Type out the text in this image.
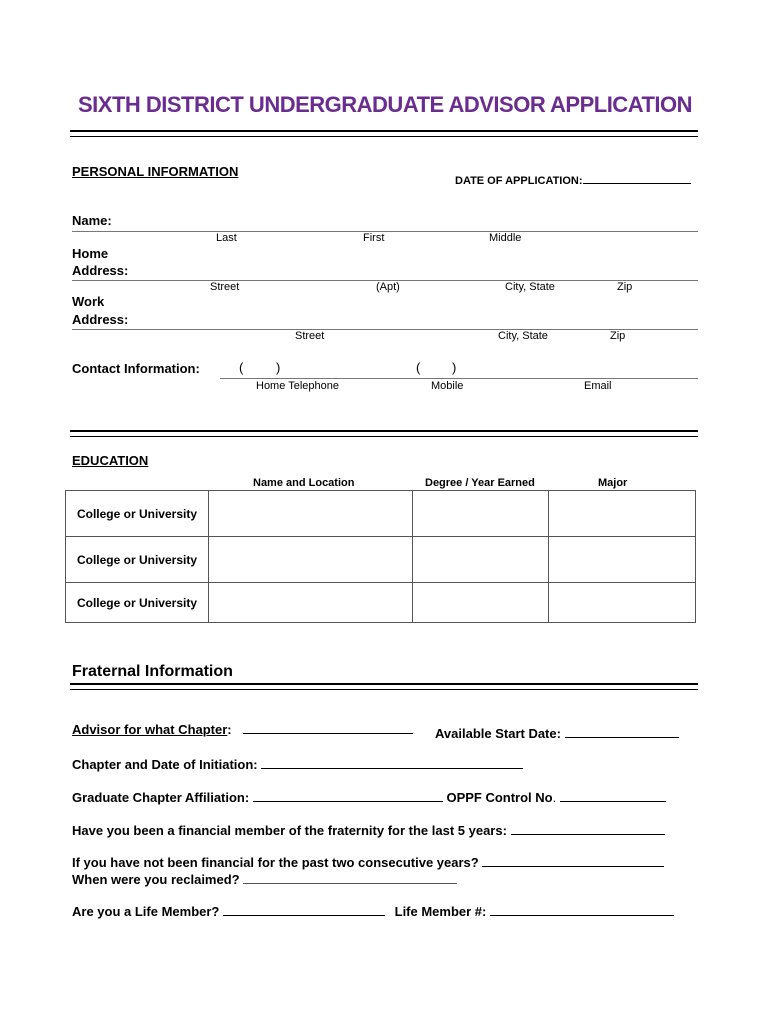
SIXTH DISTRICT UNDERGRADUATE ADVISOR APPLICATION
PERSONAL INFORMATION
DATE OF APPLICATION:
Name:
Last	First	Middle
Home
Address:
Street	(Apt)	City, State	Zip
Work
Address:
Street	City, State	Zip
Contact Information:	(	)	( )
Home Telephone	Mobile	Email
EDUCATION
Name and Location	Degree / Year Earned	Major
College or University			
College or University			
College or University			
Fraternal Information
Advisor for what Chapter:	Available Start Date:
Chapter and Date of Initiation:
Graduate Chapter Affiliation:	OPPF Control No.
Have you been a financial member of the fraternity for the last 5 years:
If you have not been financial for the past two consecutive years?
When were you reclaimed?
Are you a Life Member?	Life Member #:
